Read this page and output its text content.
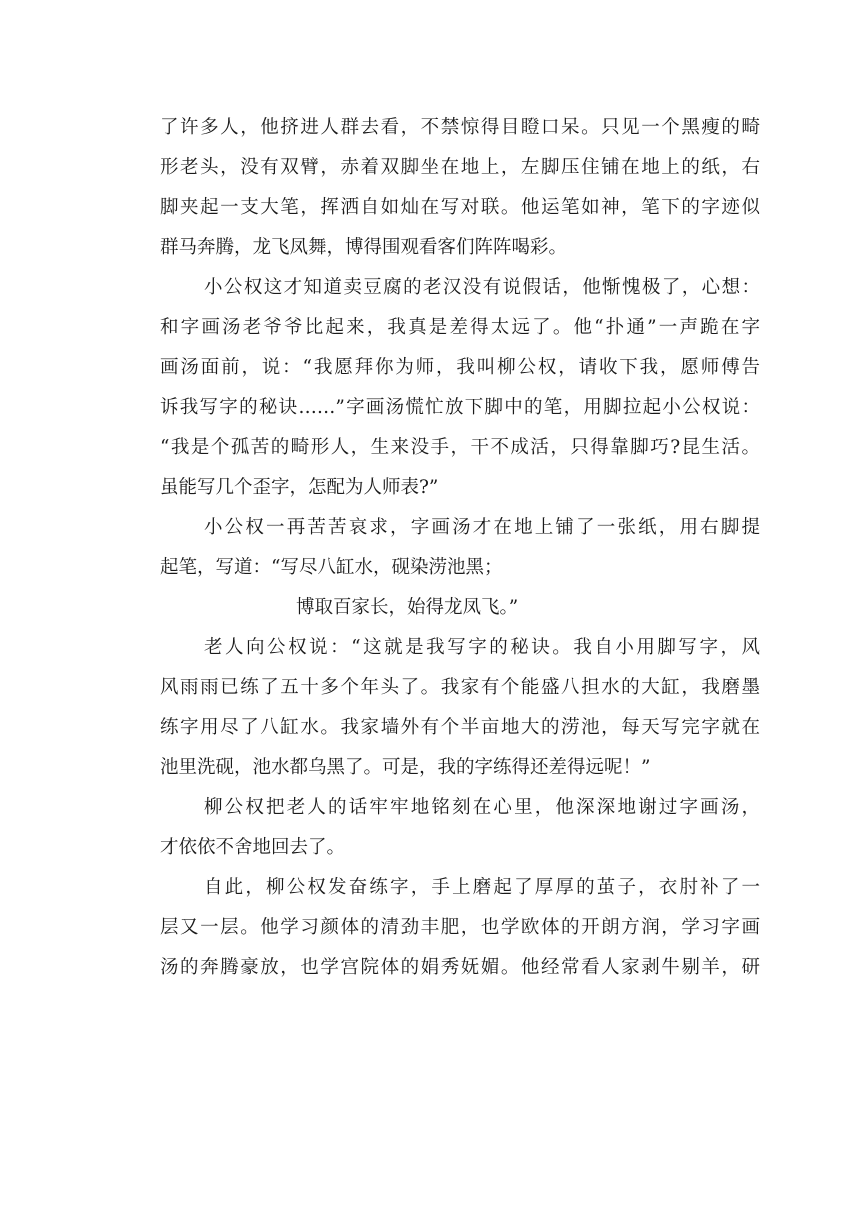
了许多人，他挤进人群去看，不禁惊得目瞪口呆。只见一个黑瘦的畸
形老头，没有双臂，赤着双脚坐在地上，左脚压住铺在地上的纸，右
脚夹起一支大笔，挥洒自如灿在写对联。他运笔如神，笔下的字迹似
群马奔腾，龙飞凤舞，博得围观看客们阵阵喝彩。
小公权这才知道卖豆腐的老汉没有说假话，他惭愧极了，心想：
和字画汤老爷爷比起来，我真是差得太远了。他“扑通”一声跪在字
画汤面前，说：“我愿拜你为师，我叫柳公权，请收下我，愿师傅告
诉我写字的秘诀……”字画汤慌忙放下脚中的笔，用脚拉起小公权说：
“我是个孤苦的畸形人，生来没手，干不成活，只得靠脚巧?昆生活。
虽能写几个歪字，怎配为人师表?”
小公权一再苦苦哀求，字画汤才在地上铺了一张纸，用右脚提
起笔，写道：“写尽八缸水，砚染涝池黑；
博取百家长，始得龙凤飞。”
老人向公权说：“这就是我写字的秘诀。我自小用脚写字，风
风雨雨已练了五十多个年头了。我家有个能盛八担水的大缸，我磨墨
练字用尽了八缸水。我家墙外有个半亩地大的涝池，每天写完字就在
池里洗砚，池水都乌黑了。可是，我的字练得还差得远呢！”
柳公权把老人的话牢牢地铭刻在心里，他深深地谢过字画汤，
才依依不舍地回去了。
自此，柳公权发奋练字，手上磨起了厚厚的茧子，衣肘补了一
层又一层。他学习颜体的清劲丰肥，也学欧体的开朗方润，学习字画
汤的奔腾豪放，也学宫院体的娟秀妩媚。他经常看人家剥牛剔羊，研
